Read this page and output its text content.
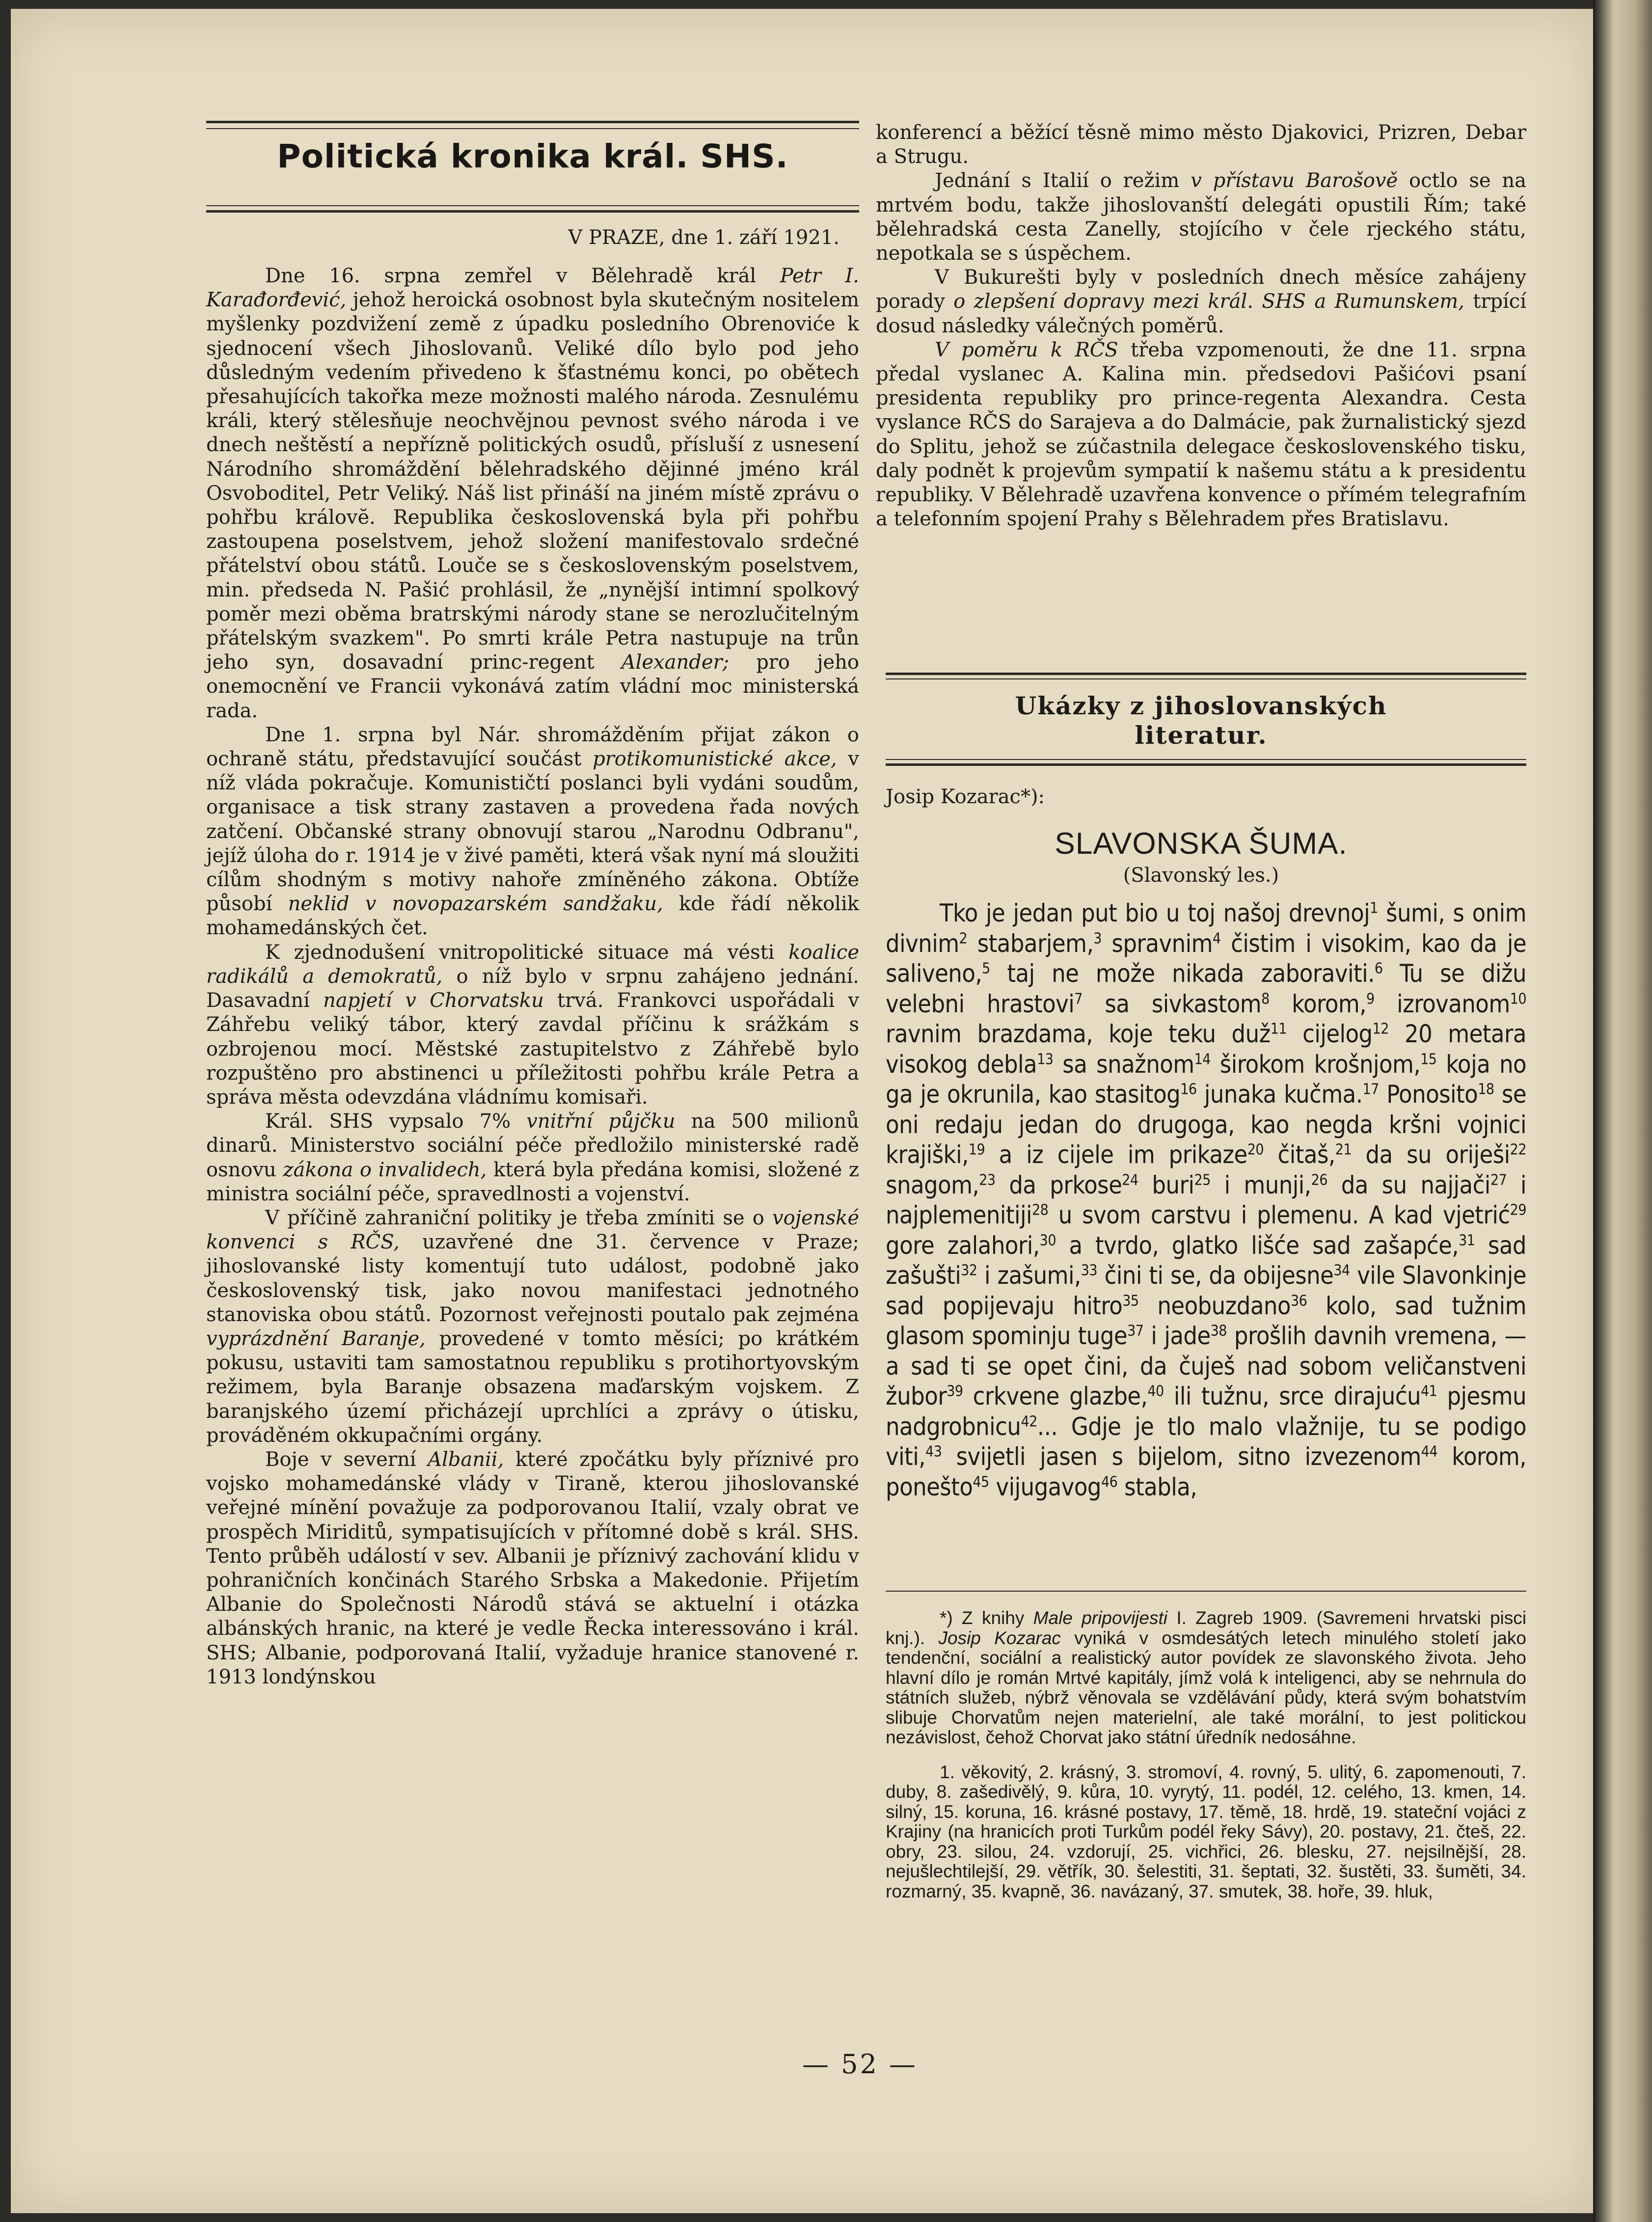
Politická kronika král. SHS.
V PRAZE, dne 1. září 1921.

Dne 16. srpna zemřel v Bělehradě král Petr I. Karađorđević, jehož heroická osobnost byla skutečným nositelem myšlenky pozdvižení země z úpadku posledního Obrenoviće k sjednocení všech Jihoslovanů. Veliké dílo bylo pod jeho důsledným vedením přivedeno k šťastnému konci, po obětech přesahujících takořka meze možnosti malého národa. Zesnulému králi, který stělesňuje neochvějnou pevnost svého národa i ve dnech neštěstí a nepřízně politických osudů, přísluší z usnesení Národního shromáždění bělehradského dějinné jméno král Osvoboditel, Petr Veliký. Náš list přináší na jiném místě zprávu o pohřbu královĕ. Republika československá byla při pohřbu zastoupena poselstvem, jehož složení manifestovalo srdečné přátelství obou států. Louče se s československým poselstvem, min. předseda N. Pašić prohlásil, že „nynější intimní spolkový poměr mezi oběma bratrskými národy stane se nerozlučitelným přátelským svazkem". Po smrti krále Petra nastupuje na trůn jeho syn, dosavadní princ-regent Alexander; pro jeho onemocnění ve Francii vykonává zatím vládní moc ministerská rada.

Dne 1. srpna byl Nár. shromážděním přijat zákon o ochraně státu, představující součást protikomunistické akce, v níž vláda pokračuje. Komunističtí poslanci byli vydáni soudům, organisace a tisk strany zastaven a provedena řada nových zatčení. Občanské strany obnovují starou „Narodnu Odbranu", jejíž úloha do r. 1914 je v živé paměti, která však nyní má sloužiti cílům shodným s motivy nahoře zmíněného zákona. Obtíže působí neklid v novopazarském sandžaku, kde řádí několik mohamedánských čet.

K zjednodušení vnitropolitické situace má vésti koalice radikálů a demokratů, o níž bylo v srpnu zahájeno jednání. Dasavadní napjetí v Chorvatsku trvá. Frankovci uspořádali v Záhřebu veliký tábor, který zavdal příčinu k srážkám s ozbrojenou mocí. Městské zastupitelstvo z Záhřebě bylo rozpuštěno pro abstinenci u příležitosti pohřbu krále Petra a správa města odevzdána vládnímu komisaři.

Král. SHS vypsalo 7% vnitřní půjčku na 500 milionů dinarů. Ministerstvo sociální péče předložilo ministerské radě osnovu zákona o invalidech, která byla předána komisi, složené z ministra sociální péče, spravedlnosti a vojenství.

V příčině zahraniční politiky je třeba zmíniti se o vojenské konvenci s RČS, uzavřené dne 31. července v Praze; jihoslovanské listy komentují tuto událost, podobně jako československý tisk, jako novou manifestaci jednotného stanoviska obou států. Pozornost veřejnosti poutalo pak zejména vyprázdnění Baranje, provedené v tomto měsíci; po krátkém pokusu, ustaviti tam samostatnou republiku s protihortyovským režimem, byla Baranje obsazena maďarským vojskem. Z baranjského území přicházejí uprchlíci a zprávy o útisku, prováděném okkupačními orgány.

Boje v severní Albanii, které zpočátku byly příznivé pro vojsko mohamedánské vlády v Tiraně, kterou jihoslovanské veřejné mínění považuje za podporovanou Italií, vzaly obrat ve prospěch Miriditů, sympatisujících v přítomné době s král. SHS. Tento průběh událostí v sev. Albanii je příznivý zachování klidu v pohraničních končinách Starého Srbska a Makedonie. Přijetím Albanie do Společnosti Národů stává se aktuelní i otázka albánských hranic, na které je vedle Řecka interessováno i král. SHS; Albanie, podporovaná Italií, vyžaduje hranice stanovené r. 1913 londýnskou

konferencí a běžící těsně mimo město Djakovici, Prizren, Debar a Strugu.

Jednání s Italií o režim v přístavu Barošově octlo se na mrtvém bodu, takže jihoslovanští delegáti opustili Řím; také bělehradská cesta Zanelly, stojícího v čele rjeckého státu, nepotkala se s úspěchem.

V Bukurešti byly v posledních dnech měsíce zahájeny porady o zlepšení dopravy mezi král. SHS a Rumunskem, trpící dosud následky válečných poměrů.

V poměru k RČS třeba vzpomenouti, že dne 11. srpna předal vyslanec A. Kalina min. předsedovi Pašićovi psaní presidenta republiky pro prince-regenta Alexandra. Cesta vyslance RČS do Sarajeva a do Dalmácie, pak žurnalistický sjezd do Splitu, jehož se zúčastnila delegace československého tisku, daly podnět k projevům sympatií k našemu státu a k presidentu republiky. V Bělehradě uzavřena konvence o přímém telegrafním a telefonním spojení Prahy s Bělehradem přes Bratislavu.

Ukázky z jihoslovanských
literatur.
Josip Kozarac*):
SLAVONSKA ŠUMA.
(Slavonský les.)

Tko je jedan put bio u toj našoj drevnoj$^1$ šumi, s onim divnim$^2$ stabarjem,$^3$ spravnim$^4$ čistim i visokim, kao da je saliveno,$^5$ taj ne može nikada zaboraviti.$^6$ Tu se dižu velebni hrastovi$^7$ sa sivkastom$^8$ korom,$^9$ izrovanom$^{10}$ ravnim brazdama, koje teku duž$^{11}$ cijelog$^{12}$ 20 metara visokog debla$^{13}$ sa snažnom$^{14}$ širokom krošnjom,$^{15}$ koja no ga je okrunila, kao stasitog$^{16}$ junaka kučma.$^{17}$ Ponosito$^{18}$ se oni redaju jedan do drugoga, kao negda kršni vojnici krajiški,$^{19}$ a iz cijele im prikaze$^{20}$ čitaš,$^{21}$ da su oriješi$^{22}$ snagom,$^{23}$ da prkose$^{24}$ buri$^{25}$ i munji,$^{26}$ da su najjači$^{27}$ i najplemenitiji$^{28}$ u svom carstvu i plemenu. A kad vjetrić$^{29}$ gore zalahori,$^{30}$ a tvrdo, glatko lišće sad zašapće,$^{31}$ sad zašušti$^{32}$ i zašumi,$^{33}$ čini ti se, da obijesne$^{34}$ vile Slavonkinje sad popijevaju hitro$^{35}$ neobuzdano$^{36}$ kolo, sad tužnim glasom spominju tuge$^{37}$ i jade$^{38}$ prošlih davnih vremena, — a sad ti se opet čini, da čuješ nad sobom veličanstveni žubor$^{39}$ crkvene glazbe,$^{40}$ ili tužnu, srce dirajuću$^{41}$ pjesmu nadgrobnicu$^{42}$... Gdje je tlo malo vlažnije, tu se podigo viti,$^{43}$ svijetli jasen s bijelom, sitno izvezenom$^{44}$ korom, ponešto$^{45}$ vijugavog$^{46}$ stabla,

*) Z knihy Male pripovijesti I. Zagreb 1909. (Savremeni hrvatski pisci knj.). Josip Kozarac vyniká v osmdesátých letech minulého století jako tendenční, sociální a realistický autor povídek ze slavonského života. Jeho hlavní dílo je román Mrtvé kapitály, jímž volá k inteligenci, aby se nehrnula do státních služeb, nýbrž věnovala se vzdělávání půdy, která svým bohatstvím slibuje Chorvatům nejen materielní, ale také morální, to jest politickou nezávislost, čehož Chorvat jako státní úředník nedosáhne.

1. věkovitý, 2. krásný, 3. stromoví, 4. rovný, 5. ulitý, 6. zapomenouti, 7. duby, 8. zašedivělý, 9. kůra, 10. vyrytý, 11. podél, 12. celého, 13. kmen, 14. silný, 15. koruna, 16. krásné postavy, 17. těmě, 18. hrdě, 19. stateční vojáci z Krajiny (na hranicích proti Turkům podél řeky Sávy), 20. postavy, 21. čteš, 22. obry, 23. silou, 24. vzdorují, 25. vichřici, 26. blesku, 27. nejsilnější, 28. nejušlechtilejší, 29. větřík, 30. šelestiti, 31. šeptati, 32. šustěti, 33. šuměti, 34. rozmarný, 35. kvapně, 36. navázaný, 37. smutek, 38. hoře, 39. hluk,

— 52 —
